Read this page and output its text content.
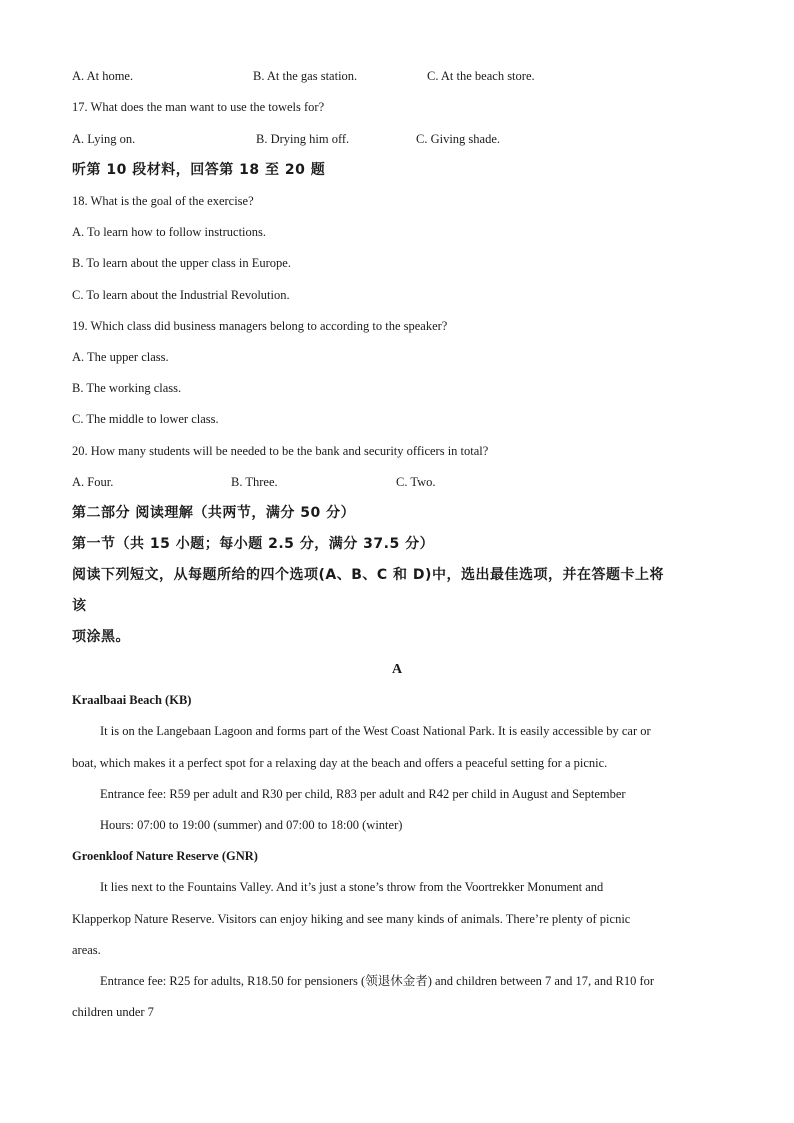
A. At home.	B. At the gas station.	C. At the beach store.
17. What does the man want to use the towels for?
A. Lying on.	B. Drying him off.	C. Giving shade.
听第 10 段材料，回答第 18 至 20 题
18. What is the goal of the exercise?
A. To learn how to follow instructions.
B. To learn about the upper class in Europe.
C. To learn about the Industrial Revolution.
19. Which class did business managers belong to according to the speaker?
A. The upper class.
B. The working class.
C. The middle to lower class.
20. How many students will be needed to be the bank and security officers in total?
A. Four.	B. Three.	C. Two.
第二部分 阅读理解（共两节，满分 50 分）
第一节（共 15 小题；每小题 2.5 分，满分 37.5 分）
阅读下列短文，从每题所给的四个选项(A、B、C 和 D)中，选出最佳选项，并在答题卡上将
该
项涂黑。
A
Kraalbaai Beach (KB)
It is on the Langebaan Lagoon and forms part of the West Coast National Park. It is easily accessible by car or
boat, which makes it a perfect spot for a relaxing day at the beach and offers a peaceful setting for a picnic.
Entrance fee: R59 per adult and R30 per child, R83 per adult and R42 per child in August and September
Hours: 07:00 to 19:00 (summer) and 07:00 to 18:00 (winter)
Groenkloof Nature Reserve (GNR)
It lies next to the Fountains Valley. And it’s just a stone’s throw from the Voortrekker Monument and
Klapperkop Nature Reserve. Visitors can enjoy hiking and see many kinds of animals. There’re plenty of picnic
areas.
Entrance fee: R25 for adults, R18.50 for pensioners (领退休金者) and children between 7 and 17, and R10 for
children under 7
